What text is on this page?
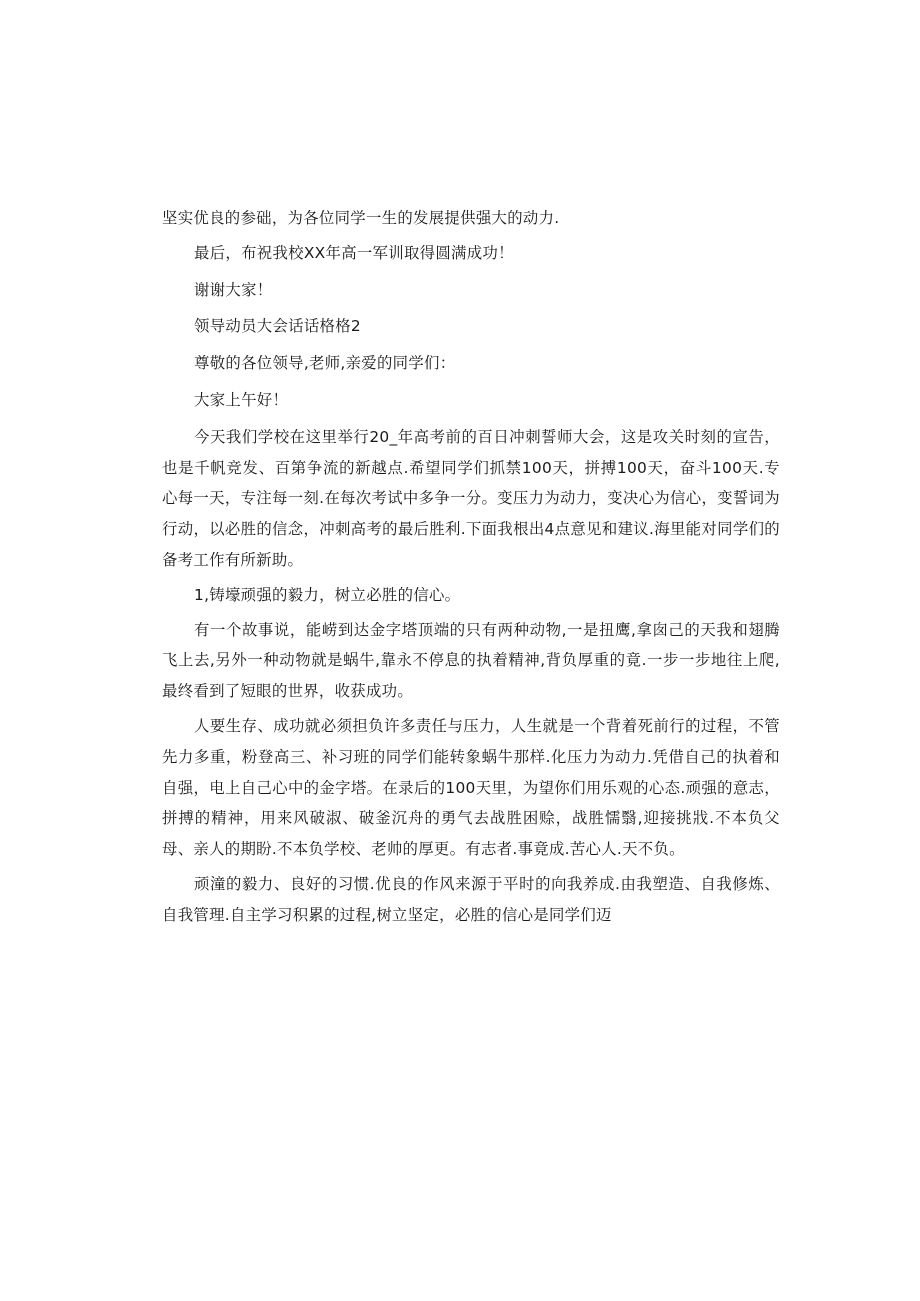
坚实优良的参础，为各位同学一生的发展提供强大的动力.

最后，布祝我校XX年高一军训取得圆满成功！

谢谢大家！

领导动员大会话话格格2

尊敬的各位领导,老师,亲爱的同学们：

大家上午好！

今天我们学校在这里举行20_年高考前的百日冲刺誓师大会，这是攻关时刻的宣告，也是千帆竞发、百第争流的新越点.希望同学们抓禁100天，拼搏100天，奋斗100天.专心每一天，专注每一刻.在每次考试中多争一分。变压力为动力，变决心为信心，变誓词为行动，以必胜的信念，冲刺高考的最后胜利.下面我根出4点意见和建议.海里能对同学们的备考工作有所新助。

1,铸壕顽强的毅力，树立必胜的信心。

有一个故事说，能崂到达金字塔顶端的只有两种动物,一是扭鹰,拿囱己的天我和翅腾飞上去,另外一种动物就是蜗牛,靠永不停息的执着精神,背负厚重的竟.一步一步地往上爬,最终看到了短眼的世界，收获成功。

人要生存、成功就必须担负许多责任与压力，人生就是一个背着死前行的过程，不管先力多重，粉登高三、补习班的同学们能转象蜗牛那样.化压力为动力.凭借自己的执着和自强，电上自己心中的金字塔。在录后的100天里，为望你们用乐观的心态.顽强的意志，拼搏的精神，用来风破淑、破釜沉舟的勇气去战胜困赊，战胜懦翳,迎接挑戕.不本负父母、亲人的期盼.不本负学校、老帅的厚更。有志者.事竟成.苦心人.天不负。

顽潼的毅力、良好的习惯.优良的作风来源于平时的向我养成.由我塑造、自我修炼、自我管理.自主学习积累的过程,树立坚定，必胜的信心是同学们迈
